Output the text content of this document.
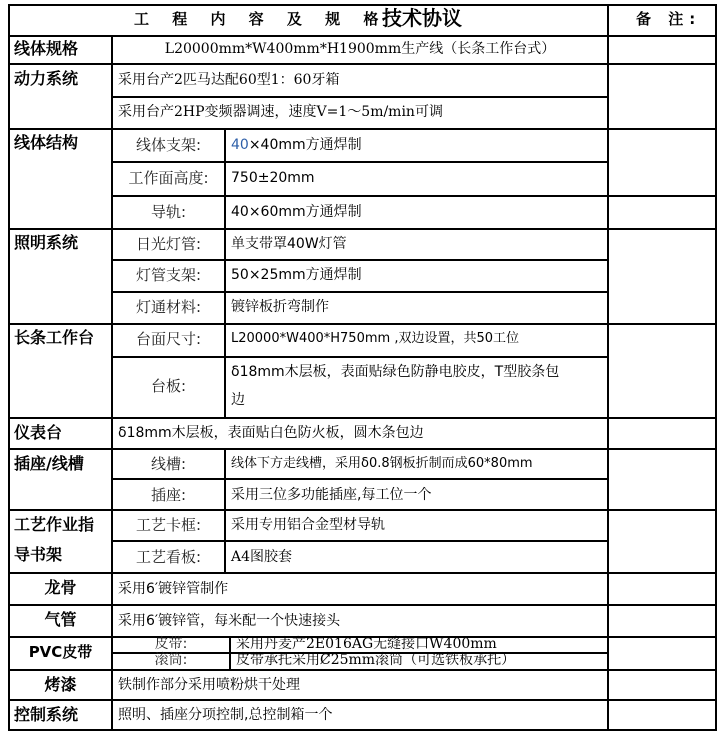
工 程 内 容 及 规 格
技术协议	备 注:
线体规格	L20000mm*W400mm*H1900mm生产线（长条工作台式）
动力系统	采用台产2匹马达配60型1：60牙箱
采用台产2HP变频器调速，速度V=1～5m/min可调
线体结构	线体支架:	40×40mm方通焊制
工作面高度:	750±20mm
导轨:	40×60mm方通焊制
照明系统	日光灯管:	单支带罩40W灯管
灯管支架:	50×25mm方通焊制
灯通材料:	镀锌板折弯制作
长条工作台	台面尺寸:	L20000*W400*H750mm ,双边设置，共50工位
台板:
δ18mm木层板，表面贴绿色防静电胶皮，T型胶条包
边
仪表台	δ18mm木层板，表面贴白色防火板，圆木条包边
插座/线槽	线槽:	线体下方走线槽，采用δ0.8钢板折制而成60*80mm
插座:	采用三位多功能插座,每工位一个
工艺作业指
导书架
工艺卡框:	采用专用铝合金型材导轨
工艺看板:	A4图胶套
龙骨	采用6′镀锌管制作
气管	采用6′镀锌管，每米配一个快速接头
PVC皮带	皮带:	采用丹麦产2E016AG无缝接口W400mm
滚筒:	皮带承托采用Ȼ25mm滚筒（可选铁板承托）
烤漆	铁制作部分采用喷粉烘干处理
控制系统	照明、插座分项控制,总控制箱一个
